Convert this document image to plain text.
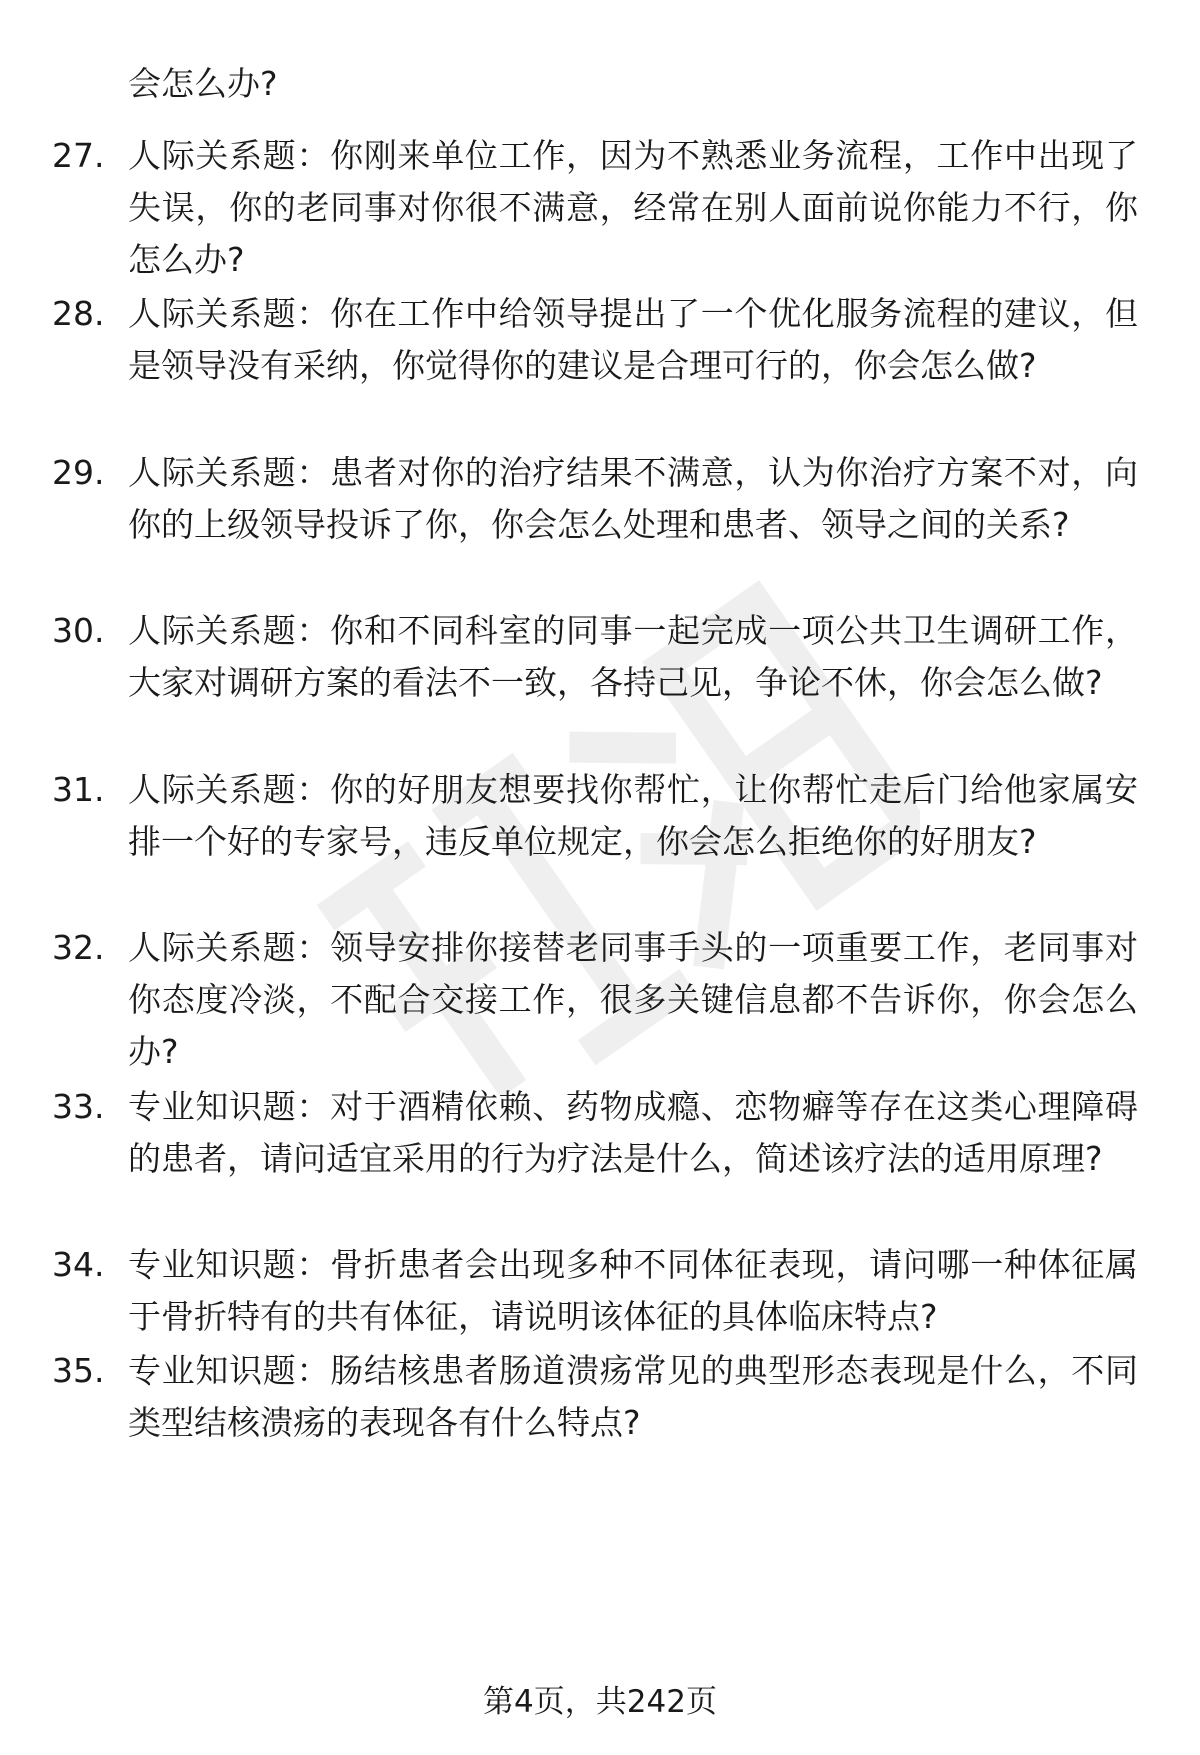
会怎么办?

27. 人际关系题：你刚来单位工作，因为不熟悉业务流程，工作中出现了失误，你的老同事对你很不满意，经常在别人面前说你能力不行，你怎么办?
28. 人际关系题：你在工作中给领导提出了一个优化服务流程的建议，但是领导没有采纳，你觉得你的建议是合理可行的，你会怎么做?
29. 人际关系题：患者对你的治疗结果不满意，认为你治疗方案不对，向你的上级领导投诉了你，你会怎么处理和患者、领导之间的关系?
30. 人际关系题：你和不同科室的同事一起完成一项公共卫生调研工作，大家对调研方案的看法不一致，各持己见，争论不休，你会怎么做?
31. 人际关系题：你的好朋友想要找你帮忙，让你帮忙走后门给他家属安排一个好的专家号，违反单位规定，你会怎么拒绝你的好朋友?
32. 人际关系题：领导安排你接替老同事手头的一项重要工作，老同事对你态度冷淡，不配合交接工作，很多关键信息都不告诉你，你会怎么办?
33. 专业知识题：对于酒精依赖、药物成瘾、恋物癖等存在这类心理障碍的患者，请问适宜采用的行为疗法是什么，简述该疗法的适用原理?
34. 专业知识题：骨折患者会出现多种不同体征表现，请问哪一种体征属于骨折特有的共有体征，请说明该体征的具体临床特点?
35. 专业知识题：肠结核患者肠道溃疡常见的典型形态表现是什么，不同类型结核溃疡的表现各有什么特点?
第4页，共242页
